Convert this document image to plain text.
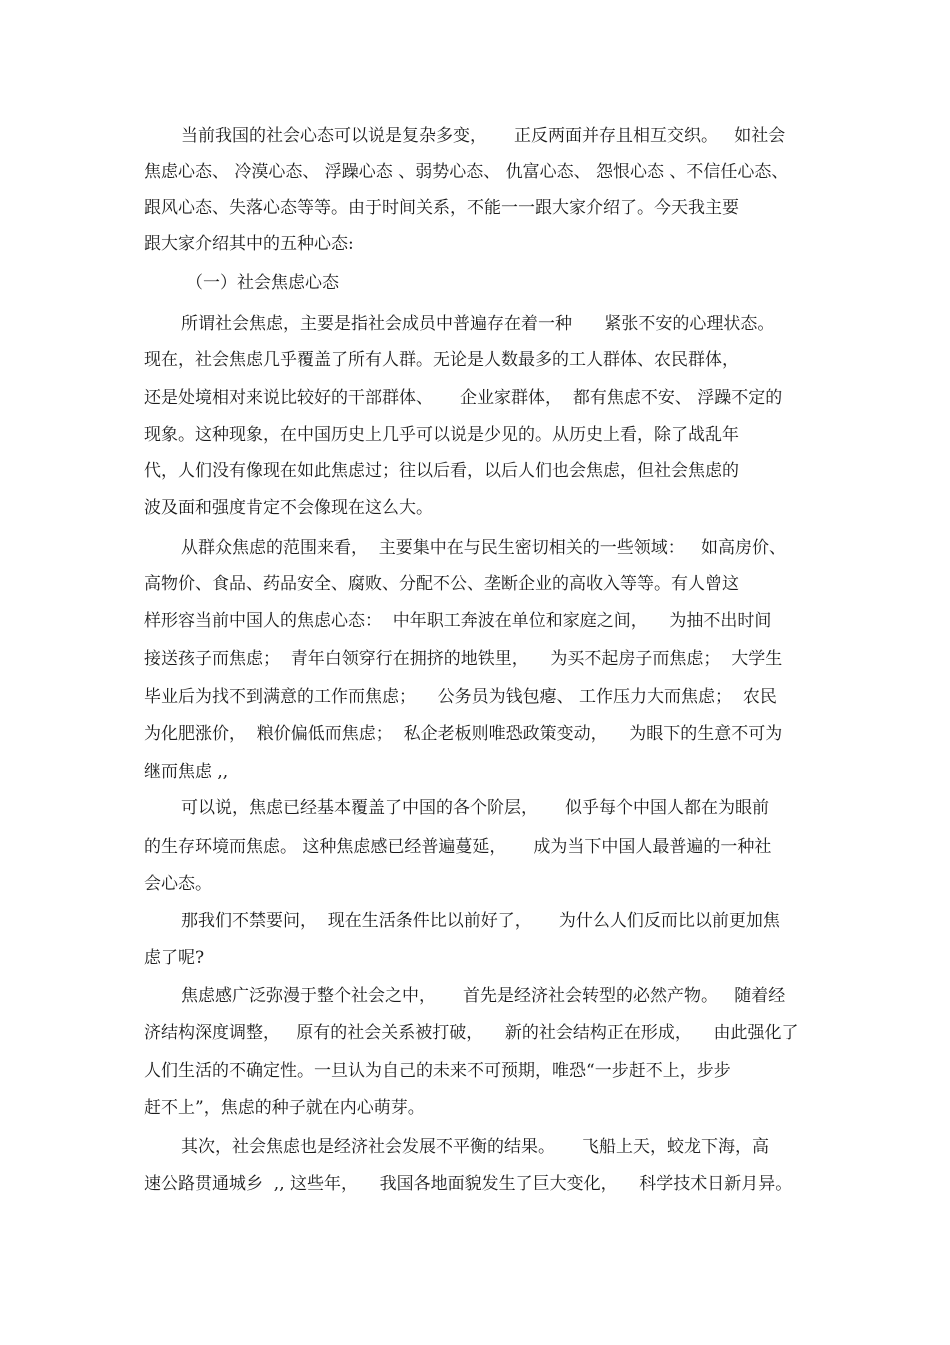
当前我国的社会心态可以说是复杂多变，     正反两面并存且相互交织。   如社会
焦虑心态、 冷漠心态、 浮躁心态 、弱势心态、 仇富心态、 怨恨心态 、不信任心态、
跟风心态、失落心态等等。由于时间关系，不能一一跟大家介绍了。今天我主要
跟大家介绍其中的五种心态:
（一）社会焦虑心态
所谓社会焦虑，主要是指社会成员中普遍存在着一种      紧张不安的心理状态。
现在，社会焦虑几乎覆盖了所有人群。无论是人数最多的工人群体、农民群体，
还是处境相对来说比较好的干部群体、     企业家群体，  都有焦虑不安、 浮躁不定的
现象。这种现象，在中国历史上几乎可以说是少见的。从历史上看，除了战乱年
代，人们没有像现在如此焦虑过；往以后看，以后人们也会焦虑，但社会焦虑的
波及面和强度肯定不会像现在这么大。
从群众焦虑的范围来看，  主要集中在与民生密切相关的一些领域：   如高房价、
高物价、食品、药品安全、腐败、分配不公、垄断企业的高收入等等。有人曾这
样形容当前中国人的焦虑心态：  中年职工奔波在单位和家庭之间，    为抽不出时间
接送孩子而焦虑；  青年白领穿行在拥挤的地铁里，    为买不起房子而焦虑；  大学生
毕业后为找不到满意的工作而焦虑；    公务员为钱包瘪、 工作压力大而焦虑；  农民
为化肥涨价，  粮价偏低而焦虑；  私企老板则唯恐政策变动，    为眼下的生意不可为
继而焦虑 ,,
可以说，焦虑已经基本覆盖了中国的各个阶层，     似乎每个中国人都在为眼前
的生存环境而焦虑。 这种焦虑感已经普遍蔓延，     成为当下中国人最普遍的一种社
会心态。
那我们不禁要问，  现在生活条件比以前好了，     为什么人们反而比以前更加焦
虑了呢?
焦虑感广泛弥漫于整个社会之中，     首先是经济社会转型的必然产物。   随着经
济结构深度调整，   原有的社会关系被打破，    新的社会结构正在形成，    由此强化了
人们生活的不确定性。一旦认为自己的未来不可预期，唯恐“一步赶不上，步步
赶不上”，焦虑的种子就在内心萌芽。
其次，社会焦虑也是经济社会发展不平衡的结果。     飞船上天，蛟龙下海，高
速公路贯通城乡  ,, 这些年，    我国各地面貌发生了巨大变化，    科学技术日新月异。
